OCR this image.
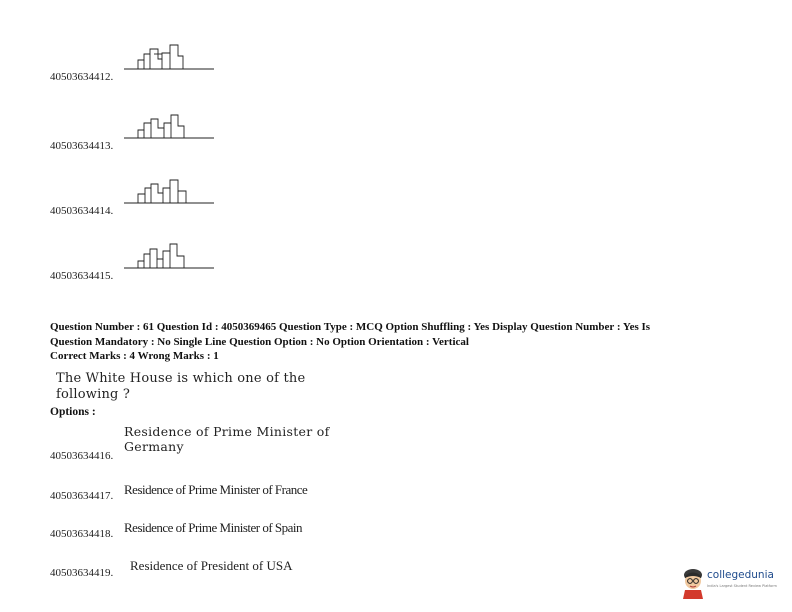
40503634412.
40503634413.
40503634414.
40503634415.
Question Number : 61 Question Id : 4050369465 Question Type : MCQ Option Shuffling : Yes Display Question Number : Yes Is
Question Mandatory : No Single Line Question Option : No Option Orientation : Vertical
Correct Marks : 4 Wrong Marks : 1
The White House is which one of the
following ?
Options :
40503634416.
Residence of Prime Minister of
Germany
40503634417. Residence of Prime Minister of France
40503634418. Residence of Prime Minister of Spain
40503634419. Residence of President of USA
collegedunia
India's Largest Student Review Platform
